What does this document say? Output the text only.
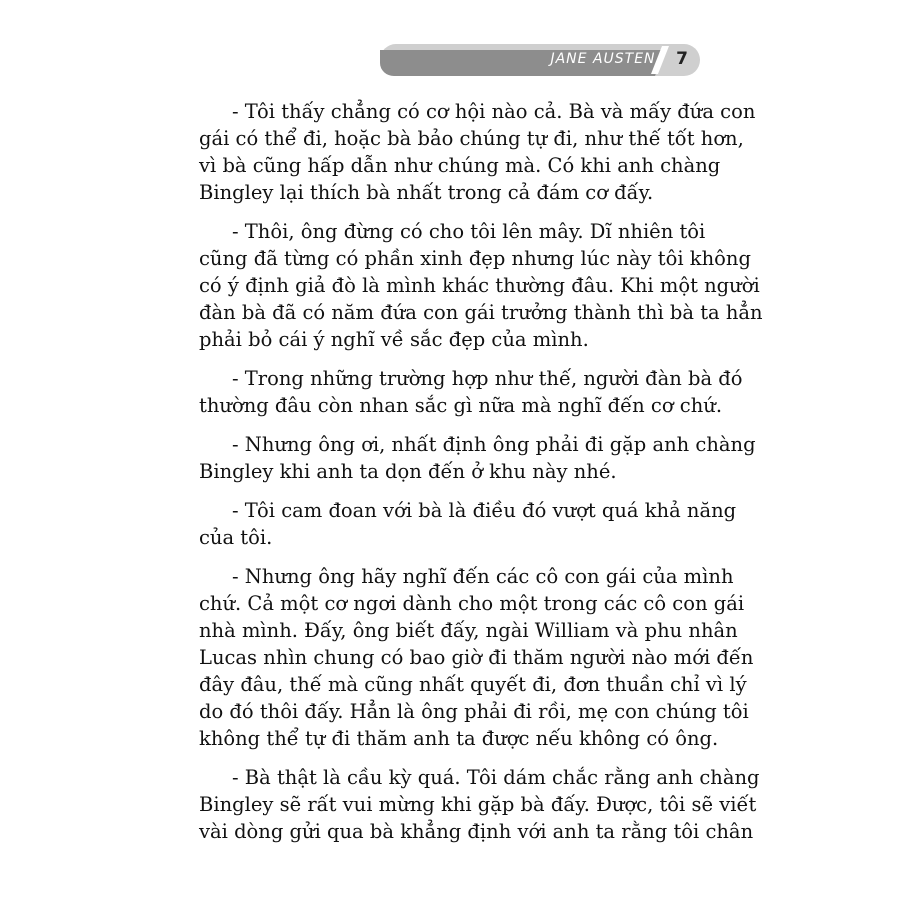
JANE AUSTEN	7
- Tôi thấy chẳng có cơ hội nào cả. Bà và mấy đứa con
gái có thể đi, hoặc bà bảo chúng tự đi, như thế tốt hơn,
vì bà cũng hấp dẫn như chúng mà. Có khi anh chàng
Bingley lại thích bà nhất trong cả đám cơ đấy.
- Thôi, ông đừng có cho tôi lên mây. Dĩ nhiên tôi
cũng đã từng có phần xinh đẹp nhưng lúc này tôi không
có ý định giả đò là mình khác thường đâu. Khi một người
đàn bà đã có năm đứa con gái trưởng thành thì bà ta hẳn
phải bỏ cái ý nghĩ về sắc đẹp của mình.
- Trong những trường hợp như thế, người đàn bà đó
thường đâu còn nhan sắc gì nữa mà nghĩ đến cơ chứ.
- Nhưng ông ơi, nhất định ông phải đi gặp anh chàng
Bingley khi anh ta dọn đến ở khu này nhé.
- Tôi cam đoan với bà là điều đó vượt quá khả năng
của tôi.
- Nhưng ông hãy nghĩ đến các cô con gái của mình
chứ. Cả một cơ ngơi dành cho một trong các cô con gái
nhà mình. Đấy, ông biết đấy, ngài William và phu nhân
Lucas nhìn chung có bao giờ đi thăm người nào mới đến
đây đâu, thế mà cũng nhất quyết đi, đơn thuần chỉ vì lý
do đó thôi đấy. Hẳn là ông phải đi rồi, mẹ con chúng tôi
không thể tự đi thăm anh ta được nếu không có ông.
- Bà thật là cầu kỳ quá. Tôi dám chắc rằng anh chàng
Bingley sẽ rất vui mừng khi gặp bà đấy. Được, tôi sẽ viết
vài dòng gửi qua bà khẳng định với anh ta rằng tôi chân
